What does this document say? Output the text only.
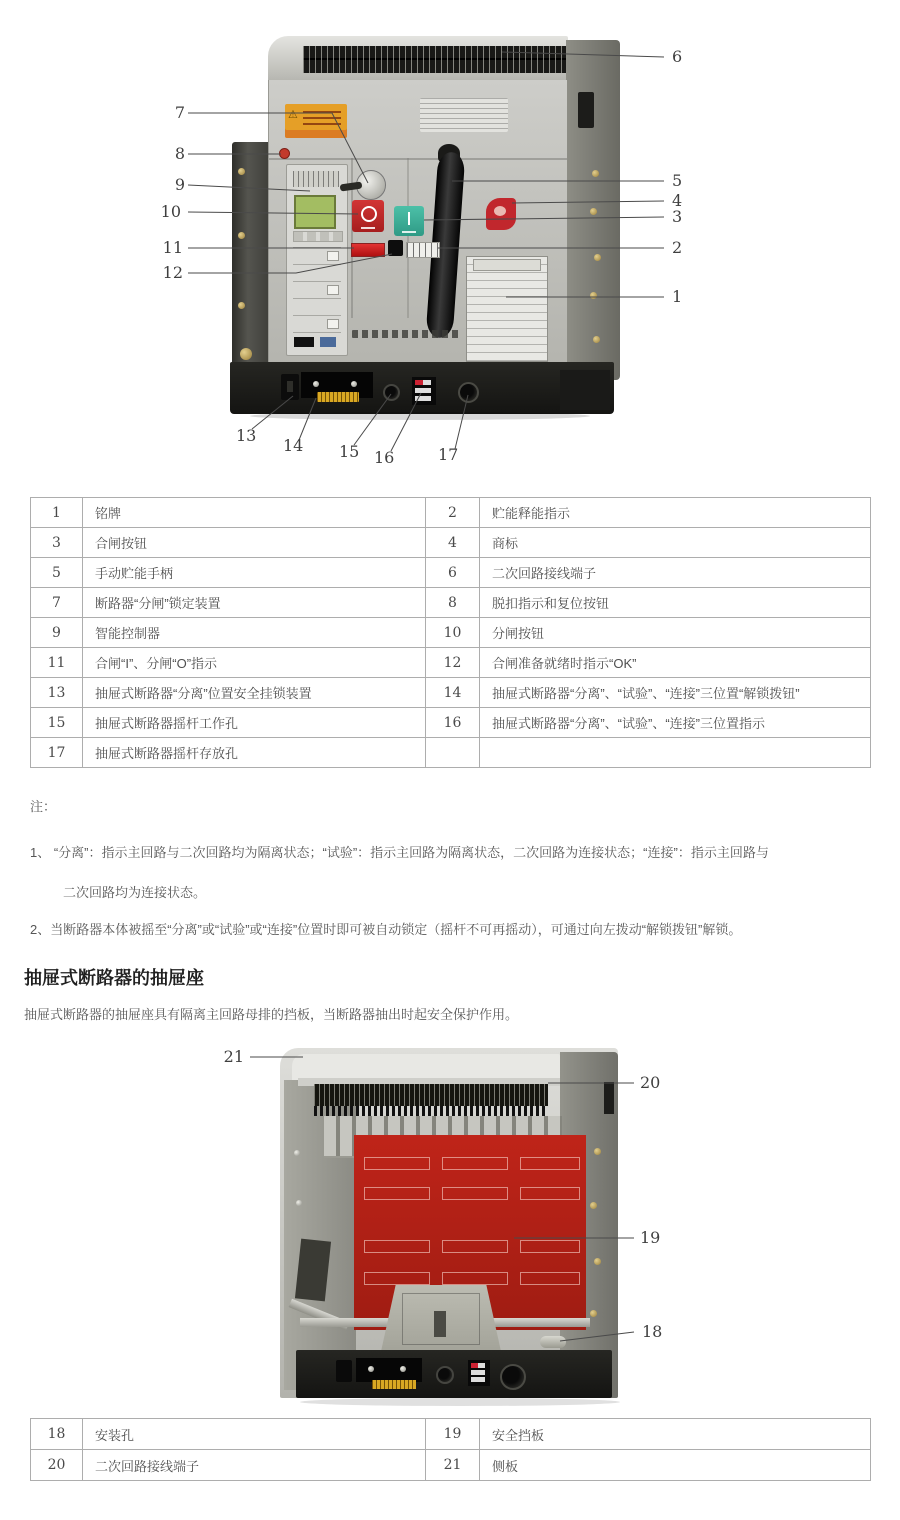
⚠
7
8
9
10
11
12
6
5
4
3
2
1
13
14	15 16	17
1	铭牌	2	贮能释能指示
3	合闸按钮	4	商标
5	手动贮能手柄	6	二次回路接线端子
7	断路器“分闸”锁定装置	8	脱扣指示和复位按钮
9	智能控制器	10	分闸按钮
11	合闸“I”、分闸“O”指示	12	合闸准备就绪时指示“OK”
13	抽屉式断路器“分离”位置安全挂锁装置	14	抽屉式断路器“分离”、“试验”、“连接”三位置“解锁拨钮”
15	抽屉式断路器摇杆工作孔	16	抽屉式断路器“分离”、“试验”、“连接”三位置指示
17	抽屉式断路器摇杆存放孔		
注：
1、 “分离”：指示主回路与二次回路均为隔离状态；“试验”：指示主回路为隔离状态，二次回路为连接状态；“连接”：指示主回路与
二次回路均为连接状态。
2、当断路器本体被摇至“分离”或“试验”或“连接”位置时即可被自动锁定（摇杆不可再摇动），可通过向左拨动“解锁拨钮”解锁。
抽屉式断路器的抽屉座
抽屉式断路器的抽屉座具有隔离主回路母排的挡板，当断路器抽出时起安全保护作用。
21
20
19
18
18	安装孔	19	安全挡板
20	二次回路接线端子	21	侧板
